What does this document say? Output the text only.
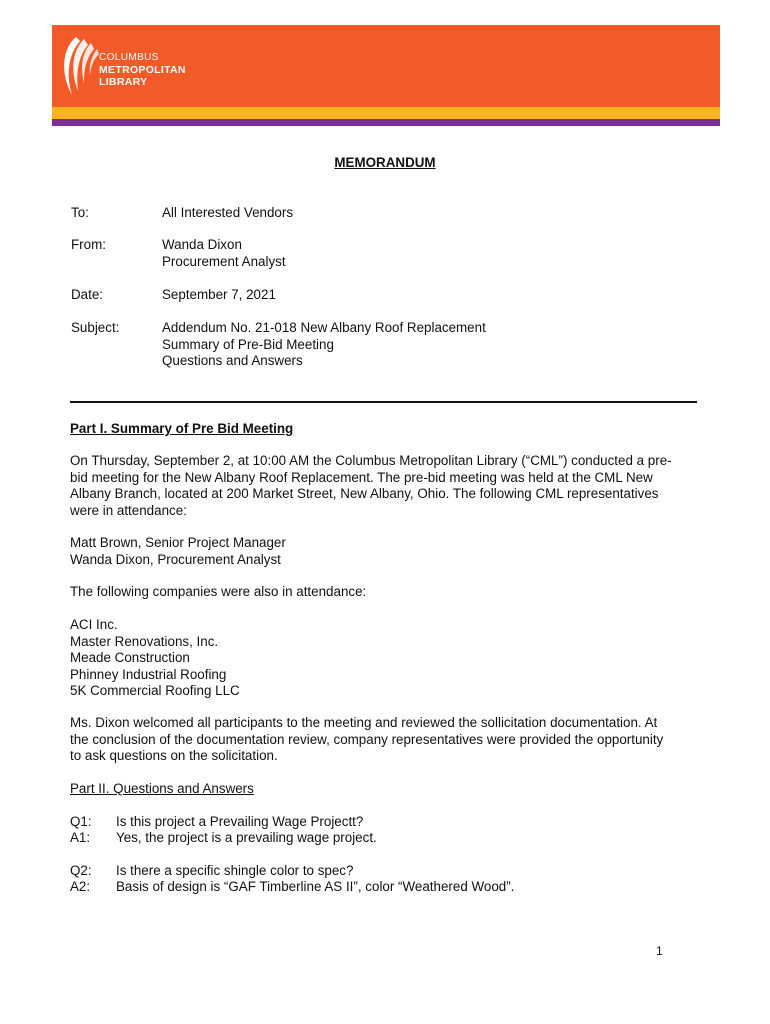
COLUMBUS
METROPOLITAN
LIBRARY
MEMORANDUM
To:	All Interested Vendors
From:	Wanda Dixon
Procurement Analyst
Date:	September 7, 2021
Subject:	Addendum No. 21-018 New Albany Roof Replacement
Summary of Pre-Bid Meeting
Questions and Answers
Part I. Summary of Pre Bid Meeting
On Thursday, September 2, at 10:00 AM the Columbus Metropolitan Library (“CML”) conducted a pre-
bid meeting for the New Albany Roof Replacement. The pre-bid meeting was held at the CML New
Albany Branch, located at 200 Market Street, New Albany, Ohio. The following CML representatives
were in attendance:
Matt Brown, Senior Project Manager
Wanda Dixon, Procurement Analyst
The following companies were also in attendance:
ACI Inc.
Master Renovations, Inc.
Meade Construction
Phinney Industrial Roofing
5K Commercial Roofing LLC
Ms. Dixon welcomed all participants to the meeting and reviewed the sollicitation documentation. At
the conclusion of the documentation review, company representatives were provided the opportunity
to ask questions on the solicitation.
Part II. Questions and Answers
Q1: Is this project a Prevailing Wage Projectt?
A1: Yes, the project is a prevailing wage project.
Q2: Is there a specific shingle color to spec?
A2: Basis of design is “GAF Timberline AS II”, color “Weathered Wood”.
1
